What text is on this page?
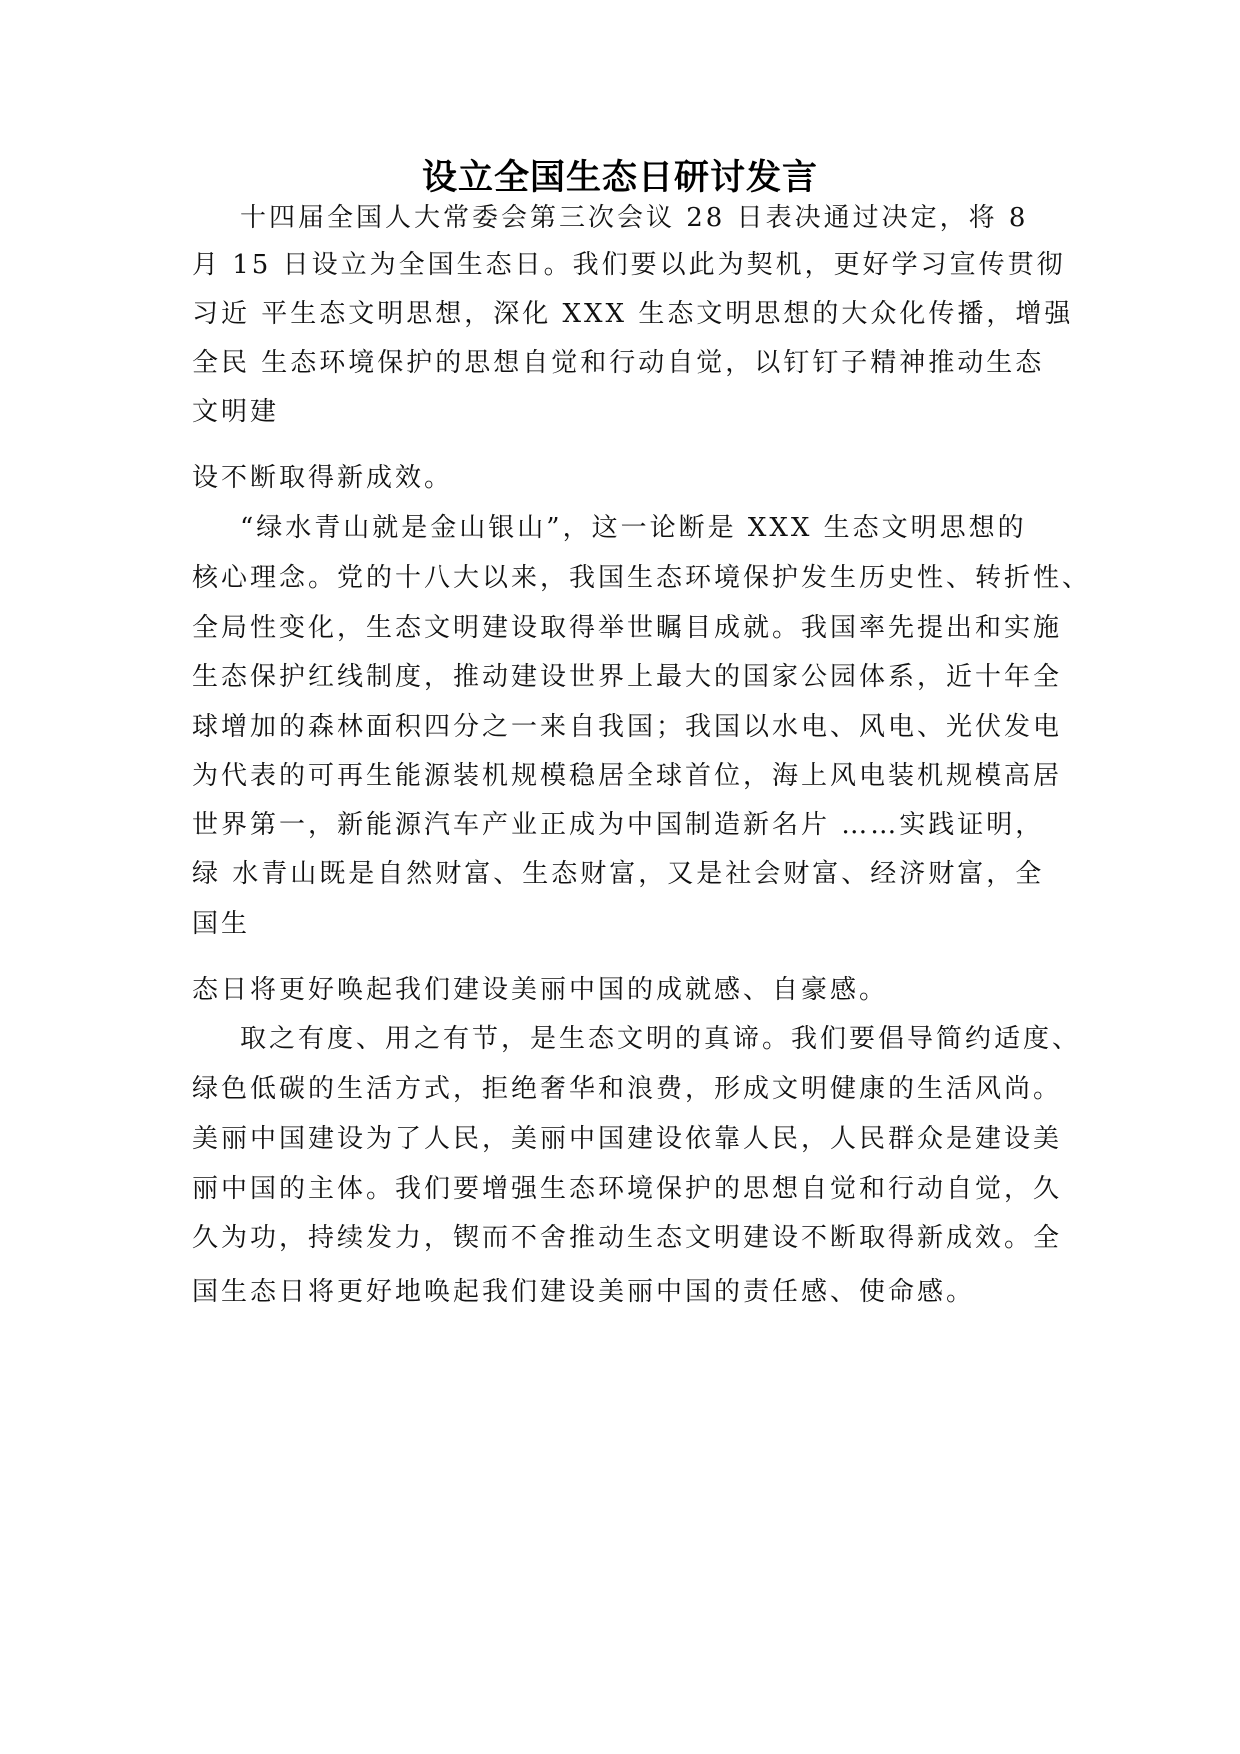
设立全国生态日研讨发言
十四届全国人大常委会第三次会议 28 日表决通过决定，将 8
月 15 日设立为全国生态日。我们要以此为契机，更好学习宣传贯彻
习近 平生态文明思想，深化 XXX 生态文明思想的大众化传播，增强
全民 生态环境保护的思想自觉和行动自觉，以钉钉子精神推动生态
文明建
设不断取得新成效。
“绿水青山就是金山银山”，这一论断是 XXX 生态文明思想的
核心理念。党的十八大以来，我国生态环境保护发生历史性、转折性、
全局性变化，生态文明建设取得举世瞩目成就。我国率先提出和实施
生态保护红线制度，推动建设世界上最大的国家公园体系，近十年全
球增加的森林面积四分之一来自我国；我国以水电、风电、光伏发电
为代表的可再生能源装机规模稳居全球首位，海上风电装机规模高居
世界第一，新能源汽车产业正成为中国制造新名片 ……实践证明，
绿 水青山既是自然财富、生态财富，又是社会财富、经济财富，全
国生
态日将更好唤起我们建设美丽中国的成就感、自豪感。
取之有度、用之有节，是生态文明的真谛。我们要倡导简约适度、
绿色低碳的生活方式，拒绝奢华和浪费，形成文明健康的生活风尚。
美丽中国建设为了人民，美丽中国建设依靠人民，人民群众是建设美
丽中国的主体。我们要增强生态环境保护的思想自觉和行动自觉，久
久为功，持续发力，锲而不舍推动生态文明建设不断取得新成效。全
国生态日将更好地唤起我们建设美丽中国的责任感、使命感。
